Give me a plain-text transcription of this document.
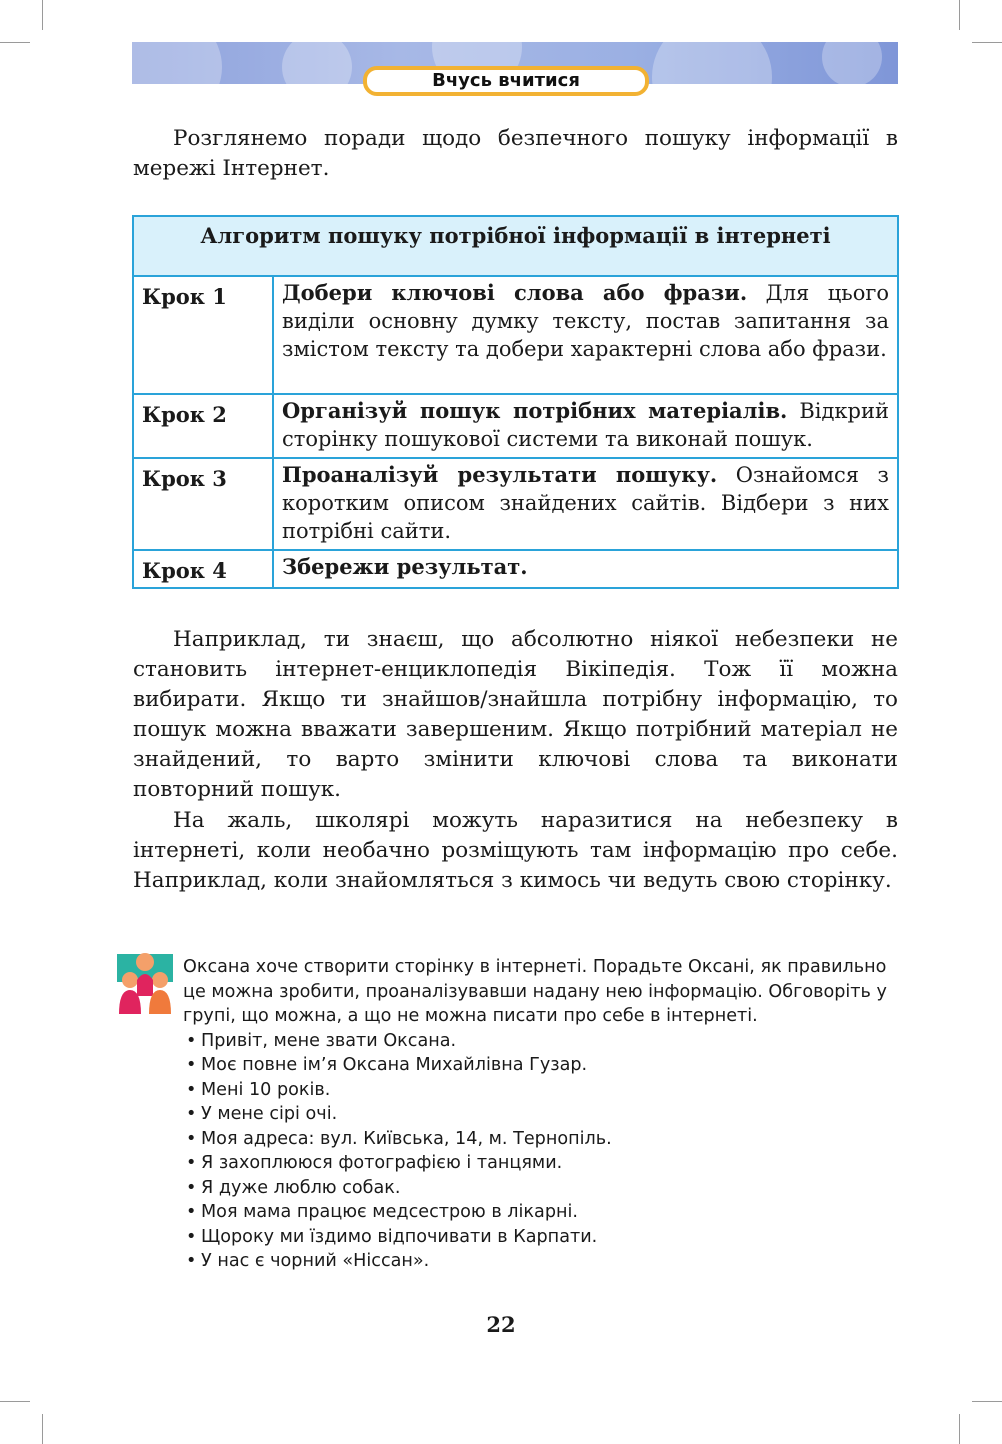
Вчусь вчитися

Розглянемо поради щодо безпечного пошуку інформації в мережі Інтернет.

Алгоритм пошуку потрібної інформації в інтернеті	
Крок 1	Добери ключові слова або фрази. Для цього виділи основну думку тексту, постав запитання за змістом тексту та добери характерні слова або фрази.
Крок 2	Організуй пошук потрібних матеріалів. Відкрий сторінку пошукової системи та виконай пошук.
Крок 3	Проаналізуй результати пошуку. Ознайомся з коротким описом знайдених сайтів. Відбери з них потрібні сайти.
Крок 4	Збережи результат.

Наприклад, ти знаєш, що абсолютно ніякої небезпеки не становить інтернет-енциклопедія Вікіпедія. Тож її можна вибирати. Якщо ти знайшов/знайшла потрібну інформацію, то пошук можна вважати завершеним. Якщо потрібний матеріал не знайдений, то варто змінити ключові слова та виконати повторний пошук.

На жаль, школярі можуть наразитися на небезпеку в інтернеті, коли необачно розміщують там інформацію про себе. Наприклад, коли знайомляться з кимось чи ведуть свою сторінку.

Оксана хоче створити сторінку в інтернеті. Порадьте Оксані, як правильно це можна зробити, проаналізувавши надану нею інформацію. Обговоріть у групі, що можна, а що не можна писати про себе в інтернеті.

• Привіт, мене звати Оксана.
• Моє повне ім’я Оксана Михайлівна Гузар.
• Мені 10 років.
• У мене сірі очі.
• Моя адреса: вул. Київська, 14, м. Тернопіль.
• Я захоплююся фотографією і танцями.
• Я дуже люблю собак.
• Моя мама працює медсестрою в лікарні.
• Щороку ми їздимо відпочивати в Карпати.
• У нас є чорний «Ніссан».
22
